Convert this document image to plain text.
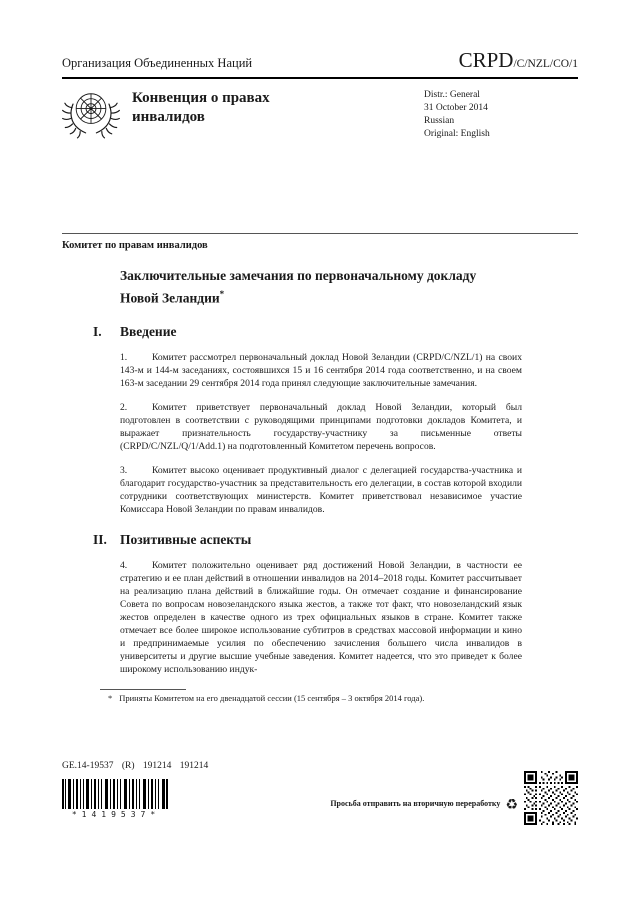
Организация Объединенных Наций	CRPD/C/NZL/CO/1
Конвенция о правах инвалидов
Distr.: General
31 October 2014
Russian
Original: English
Комитет по правам инвалидов
Заключительные замечания по первоначальному докладу Новой Зеландии*
I. Введение

1.	Комитет рассмотрел первоначальный доклад Новой Зеландии (CRPD/C/NZL/1) на своих 143-м и 144-м заседаниях, состоявшихся 15 и 16 сентября 2014 года соответственно, и на своем 163-м заседании 29 сентября 2014 года принял следующие заключительные замечания.

2.	Комитет приветствует первоначальный доклад Новой Зеландии, который был подготовлен в соответствии с руководящими принципами подготовки докладов Комитета, и выражает признательность государству-участнику за письменные ответы (CRPD/C/NZL/Q/1/Add.1) на подготовленный Комитетом перечень вопросов.

3.	Комитет высоко оценивает продуктивный диалог с делегацией государства-участника и благодарит государство-участник за представительность его делегации, в состав которой входили сотрудники соответствующих министерств. Комитет приветствовал независимое участие Комиссара Новой Зеландии по правам инвалидов.

II. Позитивные аспекты

4.	Комитет положительно оценивает ряд достижений Новой Зеландии, в частности ее стратегию и ее план действий в отношении инвалидов на 2014–2018 годы. Комитет рассчитывает на реализацию плана действий в ближайшие годы. Он отмечает создание и финансирование Совета по вопросам новозеландского языка жестов, а также тот факт, что новозеландский язык жестов определен в качестве одного из трех официальных языков в стране. Комитет также отмечает все более широкое использование субтитров в средствах массовой информации и кино и предпринимаемые усилия по обеспечению зачисления большего числа инвалидов в университеты и другие высшие учебные заведения. Комитет надеется, что это приведет к более широкому использованию индук-

* Приняты Комитетом на его двенадцатой сессии (15 сентября – 3 октября 2014 года).
GE.14-19537 (R) 191214 191214
*1419537*
Просьба отправить на вторичную переработку ♻
